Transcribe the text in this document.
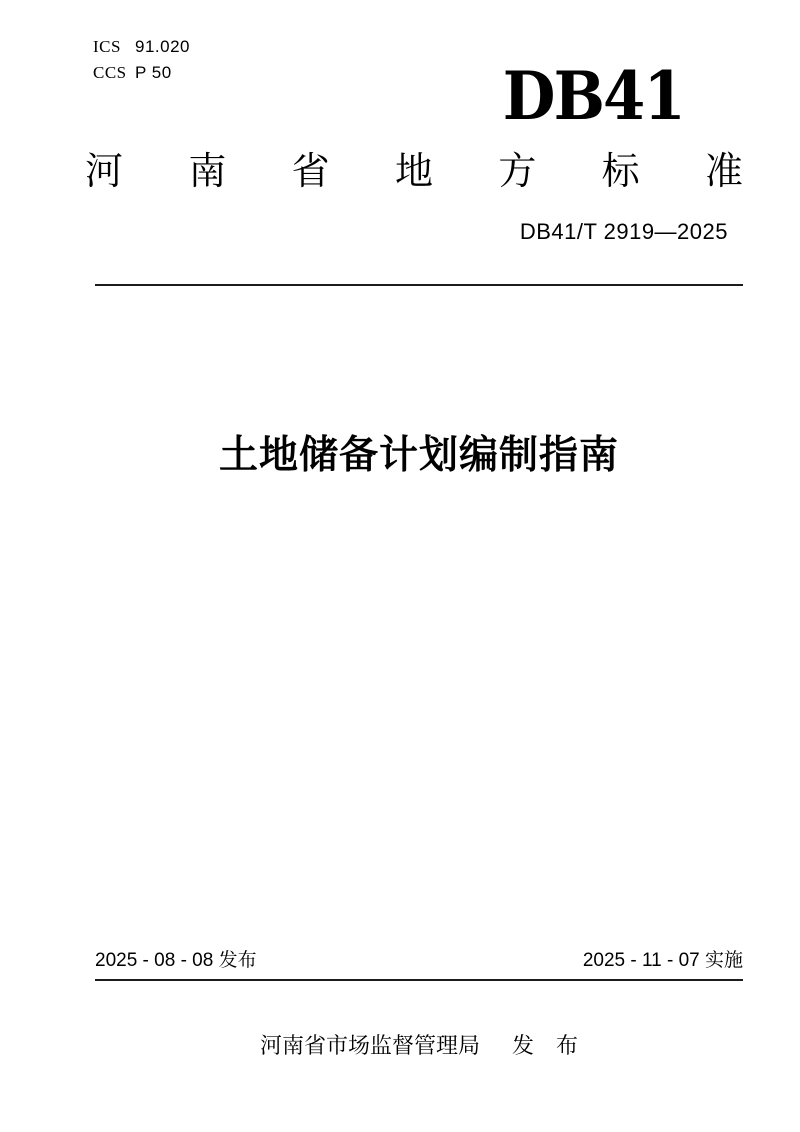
ICS 91.020
CCS P 50	DB41
河 南 省 地 方 标 准
DB41/T 2919—2025
土地储备计划编制指南
2025 - 08 - 08 发布	2025 - 11 - 07 实施
河南省市场监督管理局 发　布
